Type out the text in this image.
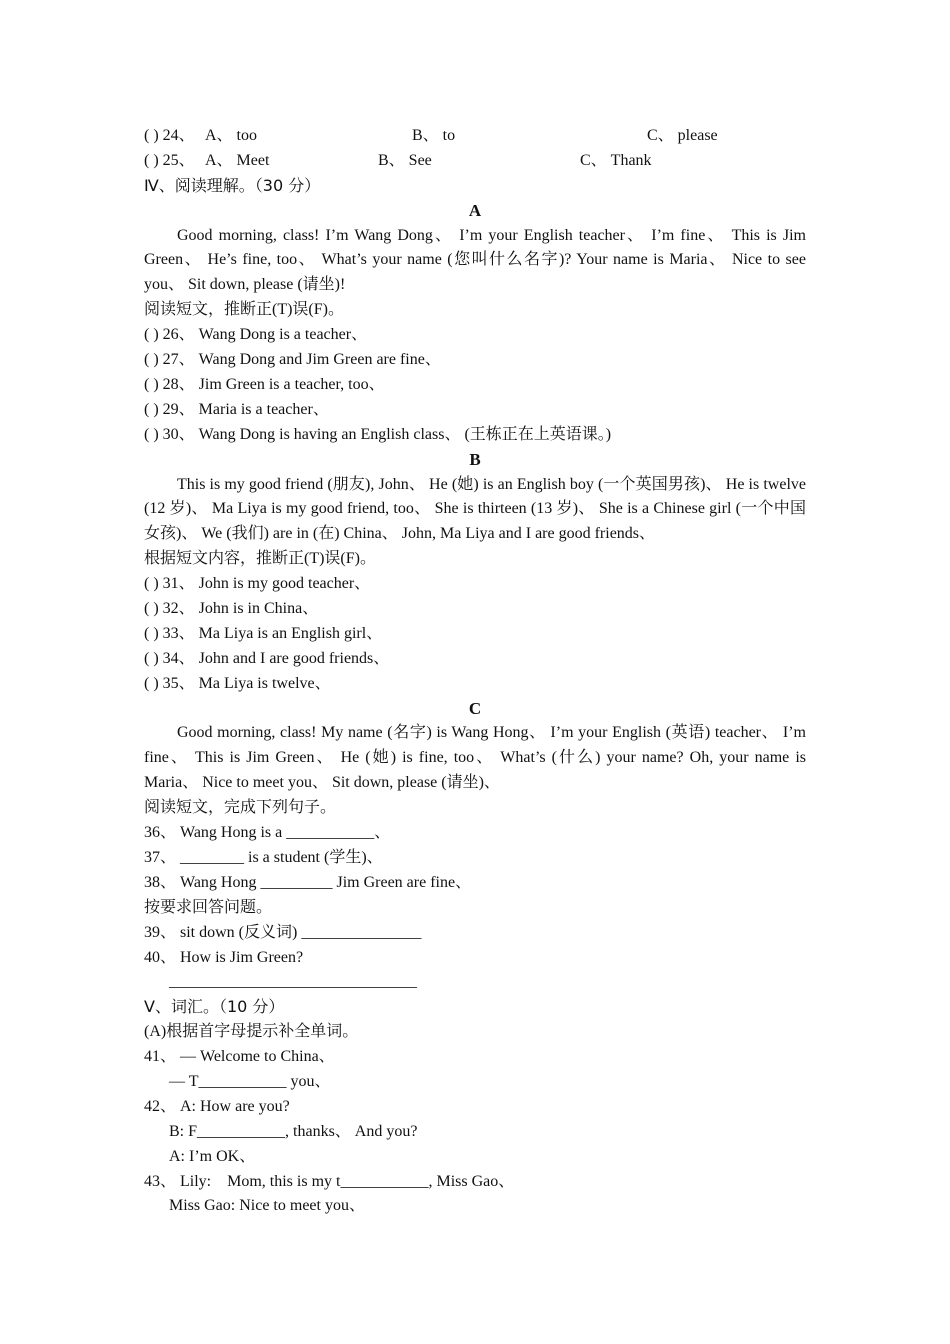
( ) 24、 A、 too	B、 to	C、 please
( ) 25、 A、 Meet	B、 See	C、 Thank
Ⅳ、阅读理解。（30 分）
A
Good morning, class! I’m Wang Dong、 I’m your English teacher、 I’m fine、 This is Jim Green、 He’s fine, too、 What’s your name (您叫什么名字)? Your name is Maria、 Nice to see you、 Sit down, please (请坐)!
阅读短文，推断正(T)误(F)。
( ) 26、 Wang Dong is a teacher、
( ) 27、 Wang Dong and Jim Green are fine、
( ) 28、 Jim Green is a teacher, too、
( ) 29、 Maria is a teacher、
( ) 30、 Wang Dong is having an English class、 (王栋正在上英语课。)
B
This is my good friend (朋友), John、 He (她) is an English boy (一个英国男孩)、 He is twelve (12 岁)、 Ma Liya is my good friend, too、 She is thirteen (13 岁)、 She is a Chinese girl (一个中国女孩)、 We (我们) are in (在) China、 John, Ma Liya and I are good friends、
根据短文内容，推断正(T)误(F)。
( ) 31、 John is my good teacher、
( ) 32、 John is in China、
( ) 33、 Ma Liya is an English girl、
( ) 34、 John and I are good friends、
( ) 35、 Ma Liya is twelve、
C
Good morning, class! My name (名字) is Wang Hong、 I’m your English (英语) teacher、 I’m fine、 This is Jim Green、 He (她) is fine, too、 What’s (什么) your name? Oh, your name is Maria、 Nice to meet you、 Sit down, please (请坐)、
阅读短文，完成下列句子。
36、 Wang Hong is a ___________、
37、 ________ is a student (学生)、
38、 Wang Hong _________ Jim Green are fine、
按要求回答问题。
39、 sit down (反义词) _______________
40、 How is Jim Green?
_______________________________
Ⅴ、词汇。（10 分）
(A)根据首字母提示补全单词。
41、 — Welcome to China、
— T___________ you、
42、 A: How are you?
B: F___________, thanks、 And you?
A: I’m OK、
43、 Lily:    Mom, this is my t___________, Miss Gao、
Miss Gao: Nice to meet you、
